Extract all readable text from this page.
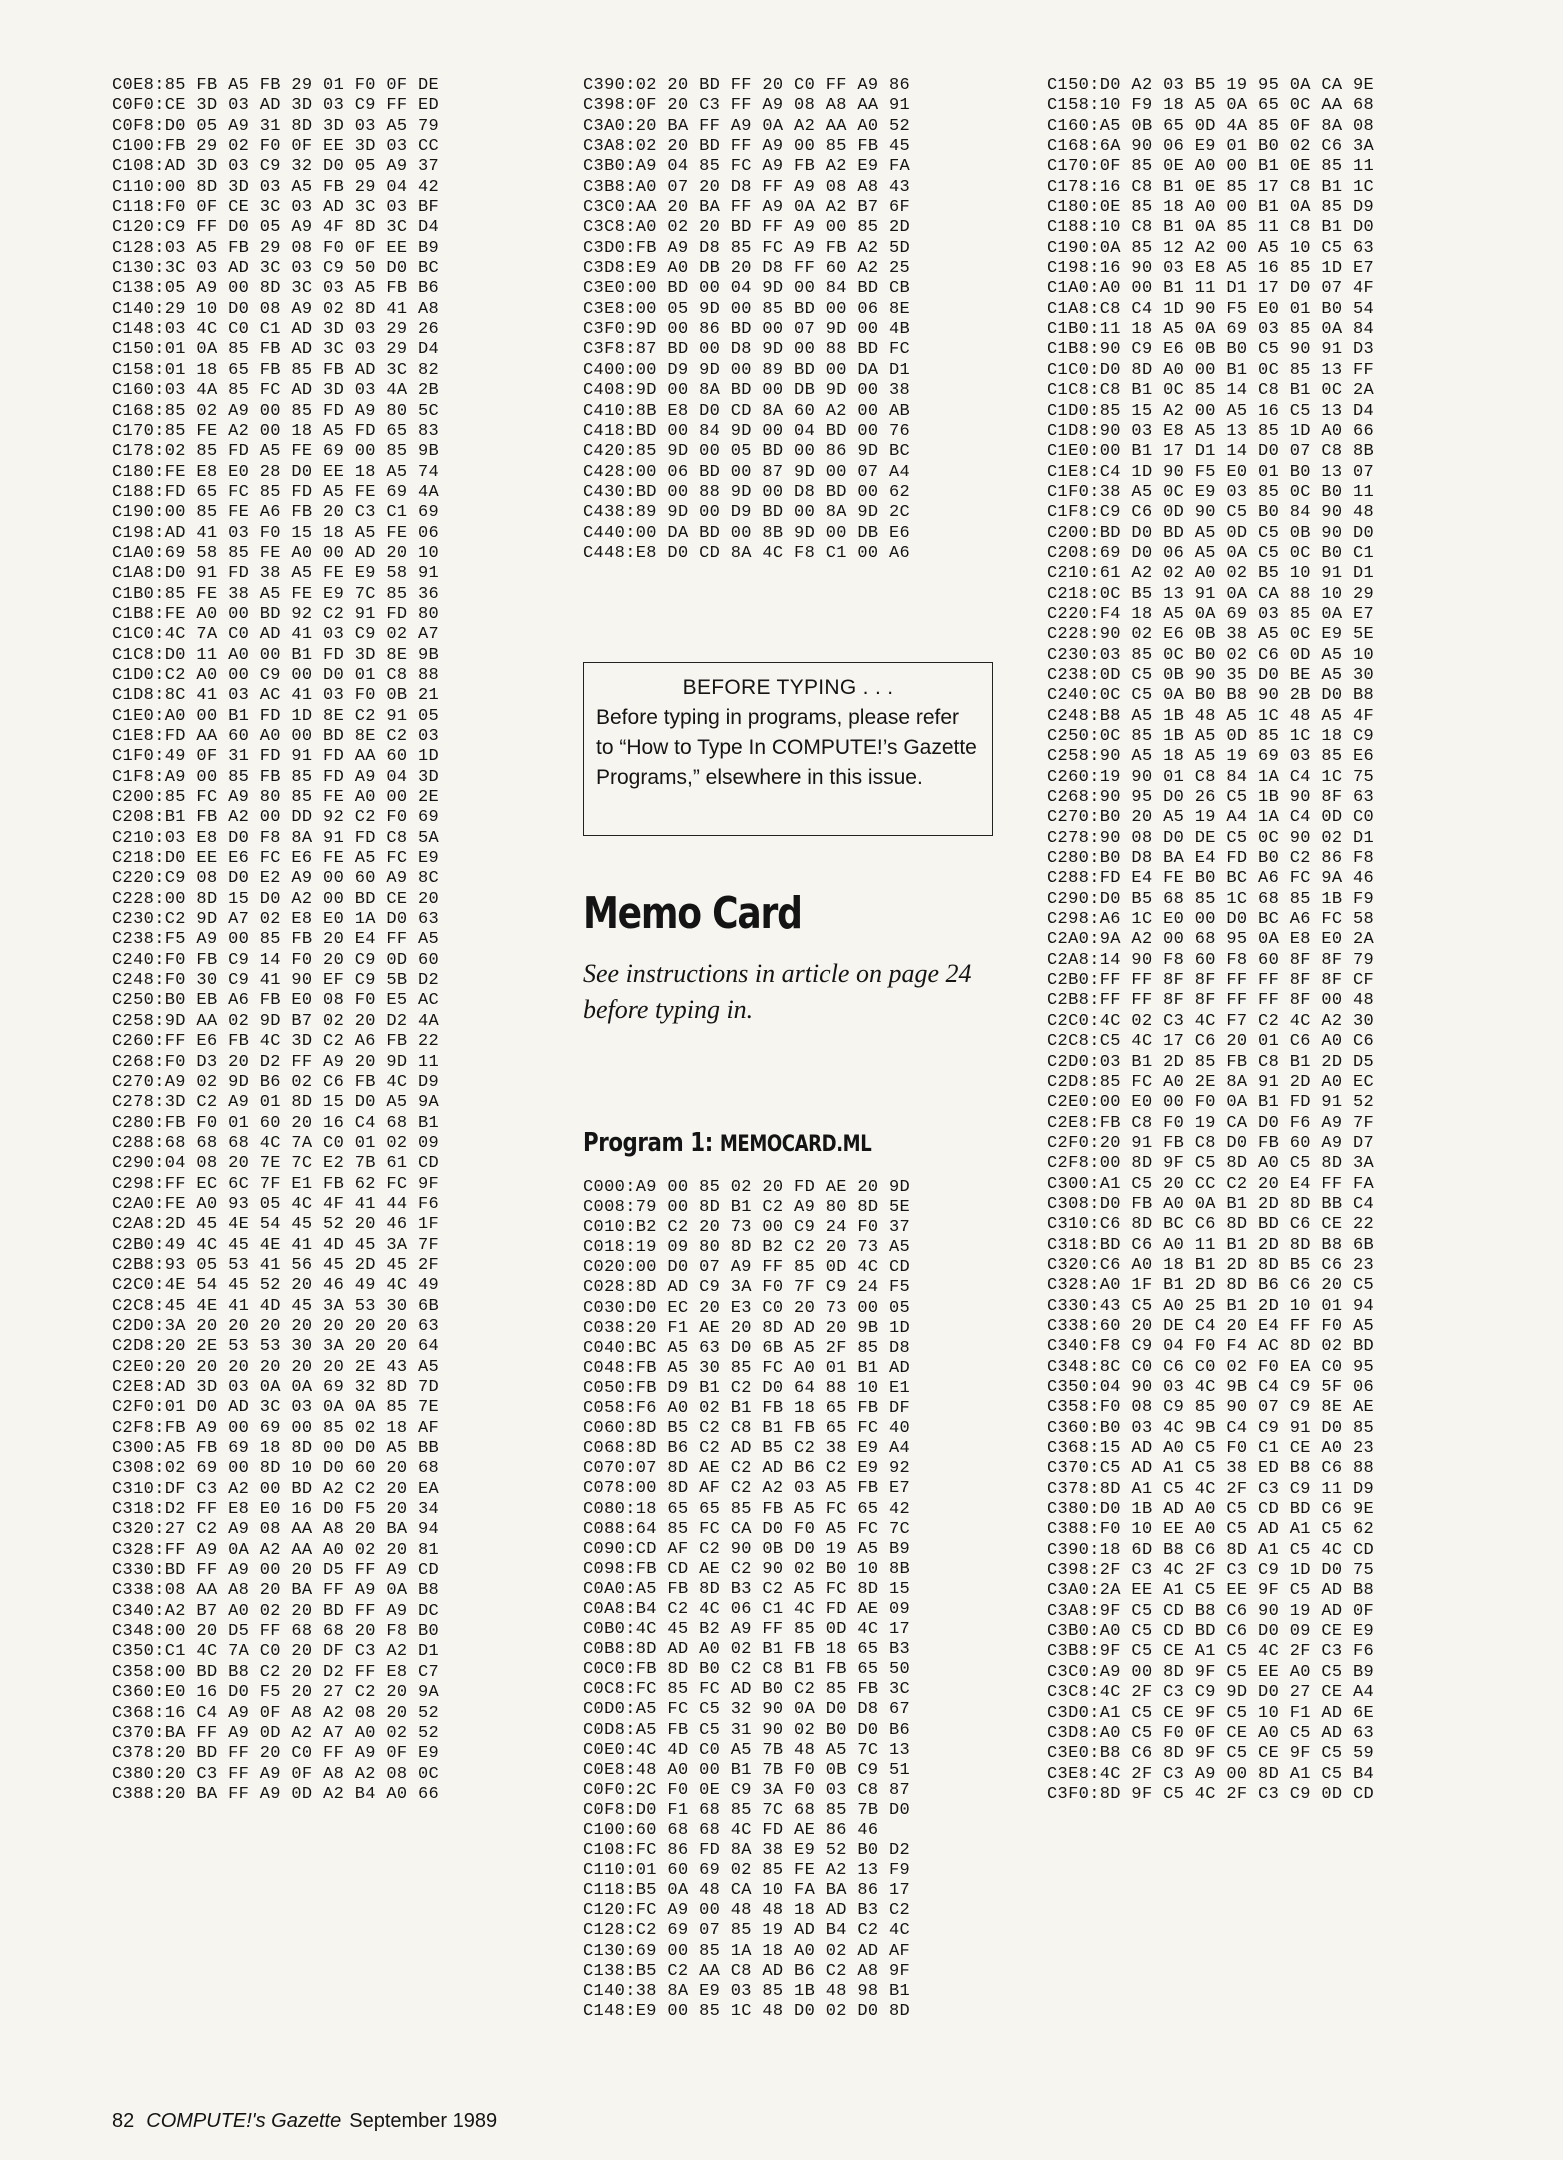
C0E8:85 FB A5 FB 29 01 F0 0F DE
C0F0:CE 3D 03 AD 3D 03 C9 FF ED
C0F8:D0 05 A9 31 8D 3D 03 A5 79
C100:FB 29 02 F0 0F EE 3D 03 CC
C108:AD 3D 03 C9 32 D0 05 A9 37
C110:00 8D 3D 03 A5 FB 29 04 42
C118:F0 0F CE 3C 03 AD 3C 03 BF
C120:C9 FF D0 05 A9 4F 8D 3C D4
C128:03 A5 FB 29 08 F0 0F EE B9
C130:3C 03 AD 3C 03 C9 50 D0 BC
C138:05 A9 00 8D 3C 03 A5 FB B6
C140:29 10 D0 08 A9 02 8D 41 A8
C148:03 4C C0 C1 AD 3D 03 29 26
C150:01 0A 85 FB AD 3C 03 29 D4
C158:01 18 65 FB 85 FB AD 3C 82
C160:03 4A 85 FC AD 3D 03 4A 2B
C168:85 02 A9 00 85 FD A9 80 5C
C170:85 FE A2 00 18 A5 FD 65 83
C178:02 85 FD A5 FE 69 00 85 9B
C180:FE E8 E0 28 D0 EE 18 A5 74
C188:FD 65 FC 85 FD A5 FE 69 4A
C190:00 85 FE A6 FB 20 C3 C1 69
C198:AD 41 03 F0 15 18 A5 FE 06
C1A0:69 58 85 FE A0 00 AD 20 10
C1A8:D0 91 FD 38 A5 FE E9 58 91
C1B0:85 FE 38 A5 FE E9 7C 85 36
C1B8:FE A0 00 BD 92 C2 91 FD 80
C1C0:4C 7A C0 AD 41 03 C9 02 A7
C1C8:D0 11 A0 00 B1 FD 3D 8E 9B
C1D0:C2 A0 00 C9 00 D0 01 C8 88
C1D8:8C 41 03 AC 41 03 F0 0B 21
C1E0:A0 00 B1 FD 1D 8E C2 91 05
C1E8:FD AA 60 A0 00 BD 8E C2 03
C1F0:49 0F 31 FD 91 FD AA 60 1D
C1F8:A9 00 85 FB 85 FD A9 04 3D
C200:85 FC A9 80 85 FE A0 00 2E
C208:B1 FB A2 00 DD 92 C2 F0 69
C210:03 E8 D0 F8 8A 91 FD C8 5A
C218:D0 EE E6 FC E6 FE A5 FC E9
C220:C9 08 D0 E2 A9 00 60 A9 8C
C228:00 8D 15 D0 A2 00 BD CE 20
C230:C2 9D A7 02 E8 E0 1A D0 63
C238:F5 A9 00 85 FB 20 E4 FF A5
C240:F0 FB C9 14 F0 20 C9 0D 60
C248:F0 30 C9 41 90 EF C9 5B D2
C250:B0 EB A6 FB E0 08 F0 E5 AC
C258:9D AA 02 9D B7 02 20 D2 4A
C260:FF E6 FB 4C 3D C2 A6 FB 22
C268:F0 D3 20 D2 FF A9 20 9D 11
C270:A9 02 9D B6 02 C6 FB 4C D9
C278:3D C2 A9 01 8D 15 D0 A5 9A
C280:FB F0 01 60 20 16 C4 68 B1
C288:68 68 68 4C 7A C0 01 02 09
C290:04 08 20 7E 7C E2 7B 61 CD
C298:FF EC 6C 7F E1 FB 62 FC 9F
C2A0:FE A0 93 05 4C 4F 41 44 F6
C2A8:2D 45 4E 54 45 52 20 46 1F
C2B0:49 4C 45 4E 41 4D 45 3A 7F
C2B8:93 05 53 41 56 45 2D 45 2F
C2C0:4E 54 45 52 20 46 49 4C 49
C2C8:45 4E 41 4D 45 3A 53 30 6B
C2D0:3A 20 20 20 20 20 20 20 63
C2D8:20 2E 53 53 30 3A 20 20 64
C2E0:20 20 20 20 20 20 2E 43 A5
C2E8:AD 3D 03 0A 0A 69 32 8D 7D
C2F0:01 D0 AD 3C 03 0A 0A 85 7E
C2F8:FB A9 00 69 00 85 02 18 AF
C300:A5 FB 69 18 8D 00 D0 A5 BB
C308:02 69 00 8D 10 D0 60 20 68
C310:DF C3 A2 00 BD A2 C2 20 EA
C318:D2 FF E8 E0 16 D0 F5 20 34
C320:27 C2 A9 08 AA A8 20 BA 94
C328:FF A9 0A A2 AA A0 02 20 81
C330:BD FF A9 00 20 D5 FF A9 CD
C338:08 AA A8 20 BA FF A9 0A B8
C340:A2 B7 A0 02 20 BD FF A9 DC
C348:00 20 D5 FF 68 68 20 F8 B0
C350:C1 4C 7A C0 20 DF C3 A2 D1
C358:00 BD B8 C2 20 D2 FF E8 C7
C360:E0 16 D0 F5 20 27 C2 20 9A
C368:16 C4 A9 0F A8 A2 08 20 52
C370:BA FF A9 0D A2 A7 A0 02 52
C378:20 BD FF 20 C0 FF A9 0F E9
C380:20 C3 FF A9 0F A8 A2 08 0C
C388:20 BA FF A9 0D A2 B4 A0 66
C390:02 20 BD FF 20 C0 FF A9 86
C398:0F 20 C3 FF A9 08 A8 AA 91
C3A0:20 BA FF A9 0A A2 AA A0 52
C3A8:02 20 BD FF A9 00 85 FB 45
C3B0:A9 04 85 FC A9 FB A2 E9 FA
C3B8:A0 07 20 D8 FF A9 08 A8 43
C3C0:AA 20 BA FF A9 0A A2 B7 6F
C3C8:A0 02 20 BD FF A9 00 85 2D
C3D0:FB A9 D8 85 FC A9 FB A2 5D
C3D8:E9 A0 DB 20 D8 FF 60 A2 25
C3E0:00 BD 00 04 9D 00 84 BD CB
C3E8:00 05 9D 00 85 BD 00 06 8E
C3F0:9D 00 86 BD 00 07 9D 00 4B
C3F8:87 BD 00 D8 9D 00 88 BD FC
C400:00 D9 9D 00 89 BD 00 DA D1
C408:9D 00 8A BD 00 DB 9D 00 38
C410:8B E8 D0 CD 8A 60 A2 00 AB
C418:BD 00 84 9D 00 04 BD 00 76
C420:85 9D 00 05 BD 00 86 9D BC
C428:00 06 BD 00 87 9D 00 07 A4
C430:BD 00 88 9D 00 D8 BD 00 62
C438:89 9D 00 D9 BD 00 8A 9D 2C
C440:00 DA BD 00 8B 9D 00 DB E6
C448:E8 D0 CD 8A 4C F8 C1 00 A6
BEFORE TYPING . . .
Before typing in programs, please refer to “How to Type In COMPUTE!’s Gazette Programs,” elsewhere in this issue.
Memo Card
See instructions in article on page 24 before typing in.
Program 1: MEMOCARD.ML
C000:A9 00 85 02 20 FD AE 20 9D
C008:79 00 8D B1 C2 A9 80 8D 5E
C010:B2 C2 20 73 00 C9 24 F0 37
C018:19 09 80 8D B2 C2 20 73 A5
C020:00 D0 07 A9 FF 85 0D 4C CD
C028:8D AD C9 3A F0 7F C9 24 F5
C030:D0 EC 20 E3 C0 20 73 00 05
C038:20 F1 AE 20 8D AD 20 9B 1D
C040:BC A5 63 D0 6B A5 2F 85 D8
C048:FB A5 30 85 FC A0 01 B1 AD
C050:FB D9 B1 C2 D0 64 88 10 E1
C058:F6 A0 02 B1 FB 18 65 FB DF
C060:8D B5 C2 C8 B1 FB 65 FC 40
C068:8D B6 C2 AD B5 C2 38 E9 A4
C070:07 8D AE C2 AD B6 C2 E9 92
C078:00 8D AF C2 A2 03 A5 FB E7
C080:18 65 65 85 FB A5 FC 65 42
C088:64 85 FC CA D0 F0 A5 FC 7C
C090:CD AF C2 90 0B D0 19 A5 B9
C098:FB CD AE C2 90 02 B0 10 8B
C0A0:A5 FB 8D B3 C2 A5 FC 8D 15
C0A8:B4 C2 4C 06 C1 4C FD AE 09
C0B0:4C 45 B2 A9 FF 85 0D 4C 17
C0B8:8D AD A0 02 B1 FB 18 65 B3
C0C0:FB 8D B0 C2 C8 B1 FB 65 50
C0C8:FC 85 FC AD B0 C2 85 FB 3C
C0D0:A5 FC C5 32 90 0A D0 D8 67
C0D8:A5 FB C5 31 90 02 B0 D0 B6
C0E0:4C 4D C0 A5 7B 48 A5 7C 13
C0E8:48 A0 00 B1 7B F0 0B C9 51
C0F0:2C F0 0E C9 3A F0 03 C8 87
C0F8:D0 F1 68 85 7C 68 85 7B D0
C100:60 68 68 4C FD AE 86 46
C108:FC 86 FD 8A 38 E9 52 B0 D2
C110:01 60 69 02 85 FE A2 13 F9
C118:B5 0A 48 CA 10 FA BA 86 17
C120:FC A9 00 48 48 18 AD B3 C2
C128:C2 69 07 85 19 AD B4 C2 4C
C130:69 00 85 1A 18 A0 02 AD AF
C138:B5 C2 AA C8 AD B6 C2 A8 9F
C140:38 8A E9 03 85 1B 48 98 B1
C148:E9 00 85 1C 48 D0 02 D0 8D
C150:D0 A2 03 B5 19 95 0A CA 9E
C158:10 F9 18 A5 0A 65 0C AA 68
C160:A5 0B 65 0D 4A 85 0F 8A 08
C168:6A 90 06 E9 01 B0 02 C6 3A
C170:0F 85 0E A0 00 B1 0E 85 11
C178:16 C8 B1 0E 85 17 C8 B1 1C
C180:0E 85 18 A0 00 B1 0A 85 D9
C188:10 C8 B1 0A 85 11 C8 B1 D0
C190:0A 85 12 A2 00 A5 10 C5 63
C198:16 90 03 E8 A5 16 85 1D E7
C1A0:A0 00 B1 11 D1 17 D0 07 4F
C1A8:C8 C4 1D 90 F5 E0 01 B0 54
C1B0:11 18 A5 0A 69 03 85 0A 84
C1B8:90 C9 E6 0B B0 C5 90 91 D3
C1C0:D0 8D A0 00 B1 0C 85 13 FF
C1C8:C8 B1 0C 85 14 C8 B1 0C 2A
C1D0:85 15 A2 00 A5 16 C5 13 D4
C1D8:90 03 E8 A5 13 85 1D A0 66
C1E0:00 B1 17 D1 14 D0 07 C8 8B
C1E8:C4 1D 90 F5 E0 01 B0 13 07
C1F0:38 A5 0C E9 03 85 0C B0 11
C1F8:C9 C6 0D 90 C5 B0 84 90 48
C200:BD D0 BD A5 0D C5 0B 90 D0
C208:69 D0 06 A5 0A C5 0C B0 C1
C210:61 A2 02 A0 02 B5 10 91 D1
C218:0C B5 13 91 0A CA 88 10 29
C220:F4 18 A5 0A 69 03 85 0A E7
C228:90 02 E6 0B 38 A5 0C E9 5E
C230:03 85 0C B0 02 C6 0D A5 10
C238:0D C5 0B 90 35 D0 BE A5 30
C240:0C C5 0A B0 B8 90 2B D0 B8
C248:B8 A5 1B 48 A5 1C 48 A5 4F
C250:0C 85 1B A5 0D 85 1C 18 C9
C258:90 A5 18 A5 19 69 03 85 E6
C260:19 90 01 C8 84 1A C4 1C 75
C268:90 95 D0 26 C5 1B 90 8F 63
C270:B0 20 A5 19 A4 1A C4 0D C0
C278:90 08 D0 DE C5 0C 90 02 D1
C280:B0 D8 BA E4 FD B0 C2 86 F8
C288:FD E4 FE B0 BC A6 FC 9A 46
C290:D0 B5 68 85 1C 68 85 1B F9
C298:A6 1C E0 00 D0 BC A6 FC 58
C2A0:9A A2 00 68 95 0A E8 E0 2A
C2A8:14 90 F8 60 F8 60 8F 8F 79
C2B0:FF FF 8F 8F FF FF 8F 8F CF
C2B8:FF FF 8F 8F FF FF 8F 00 48
C2C0:4C 02 C3 4C F7 C2 4C A2 30
C2C8:C5 4C 17 C6 20 01 C6 A0 C6
C2D0:03 B1 2D 85 FB C8 B1 2D D5
C2D8:85 FC A0 2E 8A 91 2D A0 EC
C2E0:00 E0 00 F0 0A B1 FD 91 52
C2E8:FB C8 F0 19 CA D0 F6 A9 7F
C2F0:20 91 FB C8 D0 FB 60 A9 D7
C2F8:00 8D 9F C5 8D A0 C5 8D 3A
C300:A1 C5 20 CC C2 20 E4 FF FA
C308:D0 FB A0 0A B1 2D 8D BB C4
C310:C6 8D BC C6 8D BD C6 CE 22
C318:BD C6 A0 11 B1 2D 8D B8 6B
C320:C6 A0 18 B1 2D 8D B5 C6 23
C328:A0 1F B1 2D 8D B6 C6 20 C5
C330:43 C5 A0 25 B1 2D 10 01 94
C338:60 20 DE C4 20 E4 FF F0 A5
C340:F8 C9 04 F0 F4 AC 8D 02 BD
C348:8C C0 C6 C0 02 F0 EA C0 95
C350:04 90 03 4C 9B C4 C9 5F 06
C358:F0 08 C9 85 90 07 C9 8E AE
C360:B0 03 4C 9B C4 C9 91 D0 85
C368:15 AD A0 C5 F0 C1 CE A0 23
C370:C5 AD A1 C5 38 ED B8 C6 88
C378:8D A1 C5 4C 2F C3 C9 11 D9
C380:D0 1B AD A0 C5 CD BD C6 9E
C388:F0 10 EE A0 C5 AD A1 C5 62
C390:18 6D B8 C6 8D A1 C5 4C CD
C398:2F C3 4C 2F C3 C9 1D D0 75
C3A0:2A EE A1 C5 EE 9F C5 AD B8
C3A8:9F C5 CD B8 C6 90 19 AD 0F
C3B0:A0 C5 CD BD C6 D0 09 CE E9
C3B8:9F C5 CE A1 C5 4C 2F C3 F6
C3C0:A9 00 8D 9F C5 EE A0 C5 B9
C3C8:4C 2F C3 C9 9D D0 27 CE A4
C3D0:A1 C5 CE 9F C5 10 F1 AD 6E
C3D8:A0 C5 F0 0F CE A0 C5 AD 63
C3E0:B8 C6 8D 9F C5 CE 9F C5 59
C3E8:4C 2F C3 A9 00 8D A1 C5 B4
C3F0:8D 9F C5 4C 2F C3 C9 0D CD
82 COMPUTE!'s Gazette September 1989
